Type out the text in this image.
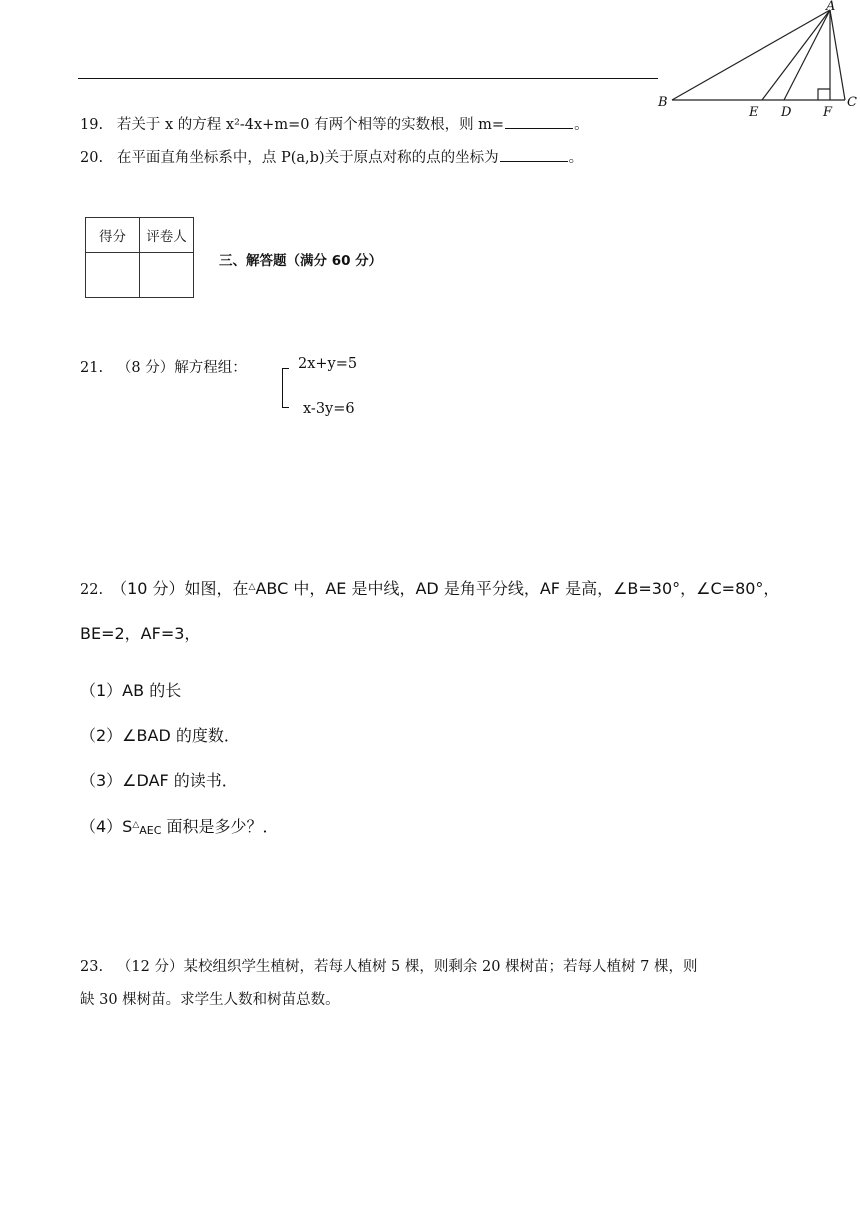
A
B
E D F
C
19. 若关于 x 的方程 x²-4x+m=0 有两个相等的实数根，则 m=	。
20. 在平面直角坐标系中，点 P(a,b)关于原点对称的点的坐标为	。
得分	评卷人

三、解答题（满分 60 分）
21. （8 分）解方程组：	2x+y=5
x-3y=6
22. （10 分）如图，在△ABC 中，AE 是中线，AD 是角平分线，AF 是高，∠B=30°，∠C=80°，
BE=2，AF=3，
（1）AB 的长
（2）∠BAD 的度数．
（3）∠DAF 的读书．
（4）S△AEC 面积是多少？．
23. （12 分）某校组织学生植树，若每人植树 5 棵，则剩余 20 棵树苗；若每人植树 7 棵，则
缺 30 棵树苗。求学生人数和树苗总数。
